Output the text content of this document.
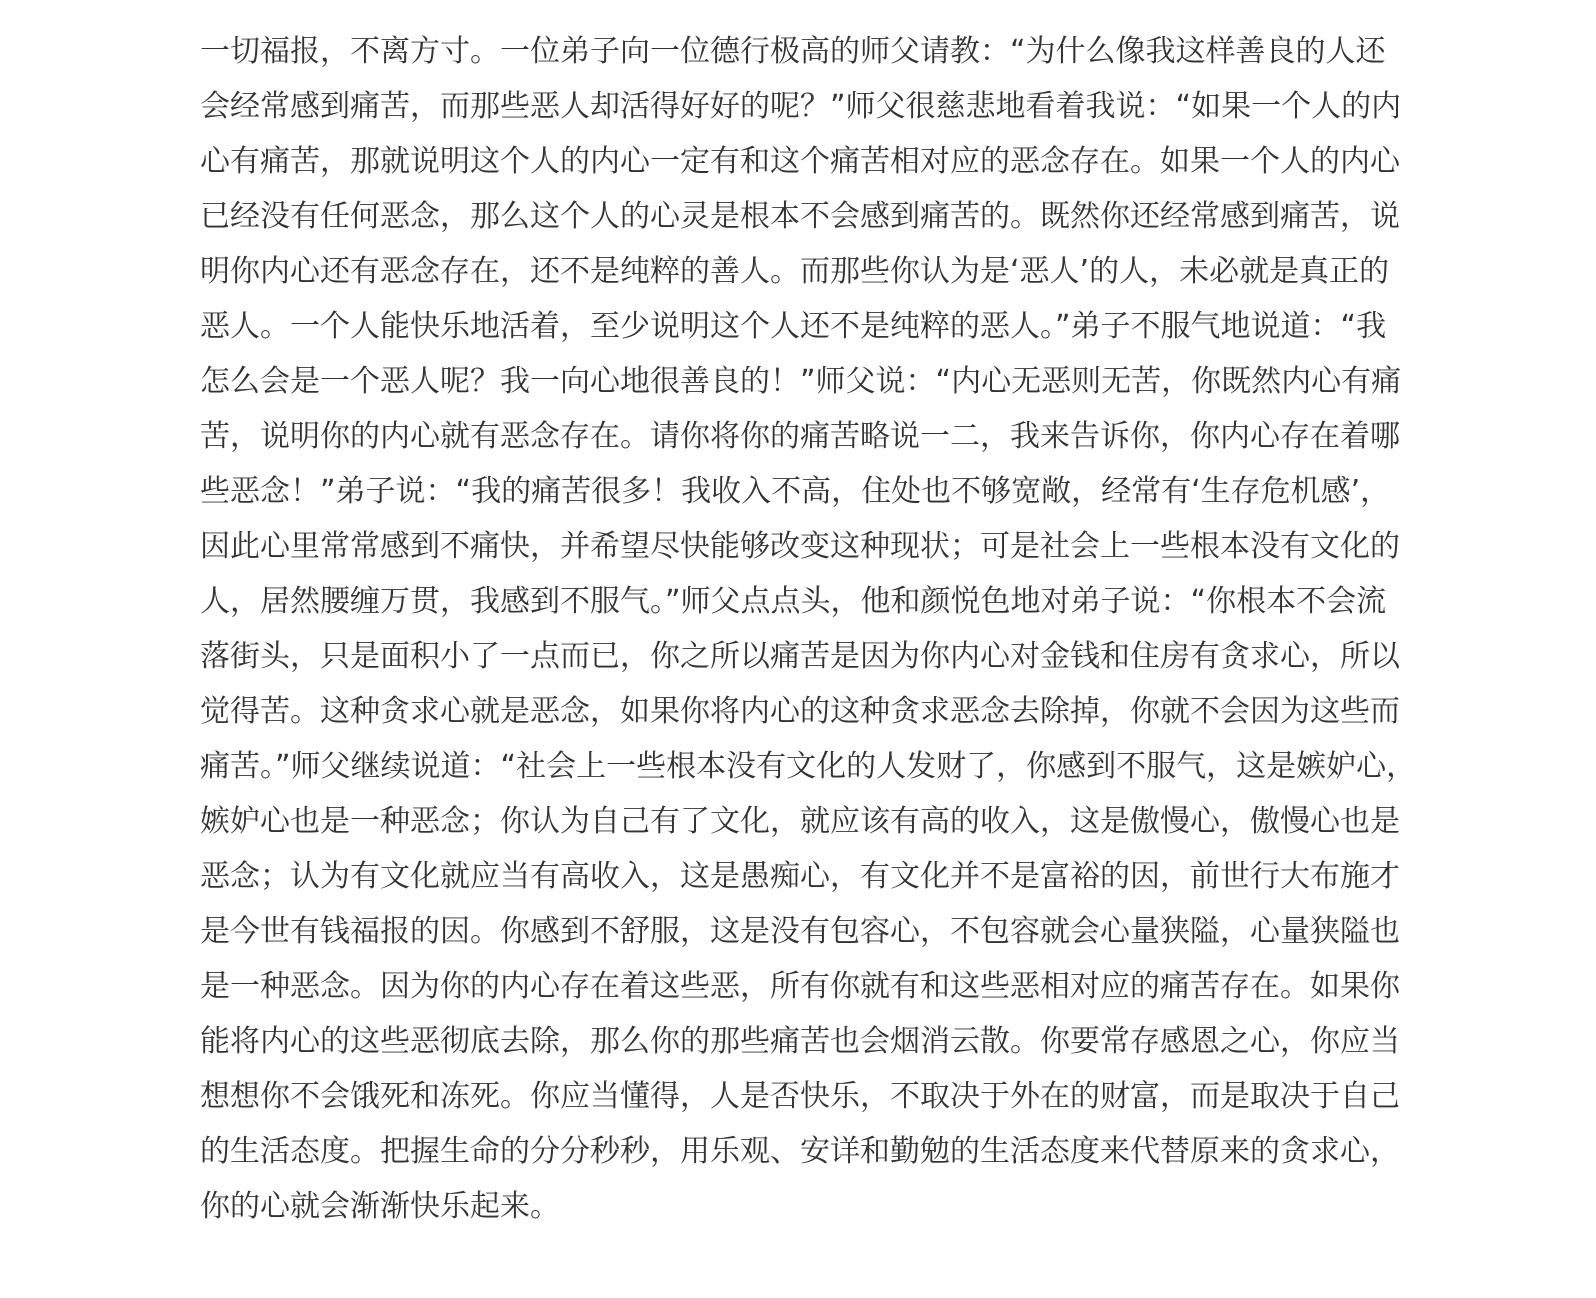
一切福报，不离方寸。一位弟子向一位德行极高的师父请教：“为什么像我这样善良的人还
会经常感到痛苦，而那些恶人却活得好好的呢？”师父很慈悲地看着我说：“如果一个人的内
心有痛苦，那就说明这个人的内心一定有和这个痛苦相对应的恶念存在。如果一个人的内心
已经没有任何恶念，那么这个人的心灵是根本不会感到痛苦的。既然你还经常感到痛苦，说
明你内心还有恶念存在，还不是纯粹的善人。而那些你认为是‘恶人’的人，未必就是真正的
恶人。一个人能快乐地活着，至少说明这个人还不是纯粹的恶人。”弟子不服气地说道：“我
怎么会是一个恶人呢？我一向心地很善良的！”师父说：“内心无恶则无苦，你既然内心有痛
苦，说明你的内心就有恶念存在。请你将你的痛苦略说一二，我来告诉你，你内心存在着哪
些恶念！”弟子说：“我的痛苦很多！我收入不高，住处也不够宽敞，经常有‘生存危机感’，
因此心里常常感到不痛快，并希望尽快能够改变这种现状；可是社会上一些根本没有文化的
人，居然腰缠万贯，我感到不服气。”师父点点头，他和颜悦色地对弟子说：“你根本不会流
落街头，只是面积小了一点而已，你之所以痛苦是因为你内心对金钱和住房有贪求心，所以
觉得苦。这种贪求心就是恶念，如果你将内心的这种贪求恶念去除掉，你就不会因为这些而
痛苦。”师父继续说道：“社会上一些根本没有文化的人发财了，你感到不服气，这是嫉妒心，
嫉妒心也是一种恶念；你认为自己有了文化，就应该有高的收入，这是傲慢心，傲慢心也是
恶念；认为有文化就应当有高收入，这是愚痴心，有文化并不是富裕的因，前世行大布施才
是今世有钱福报的因。你感到不舒服，这是没有包容心，不包容就会心量狭隘，心量狭隘也
是一种恶念。因为你的内心存在着这些恶，所有你就有和这些恶相对应的痛苦存在。如果你
能将内心的这些恶彻底去除，那么你的那些痛苦也会烟消云散。你要常存感恩之心，你应当
想想你不会饿死和冻死。你应当懂得，人是否快乐，不取决于外在的财富，而是取决于自己
的生活态度。把握生命的分分秒秒，用乐观、安详和勤勉的生活态度来代替原来的贪求心，
你的心就会渐渐快乐起来。
